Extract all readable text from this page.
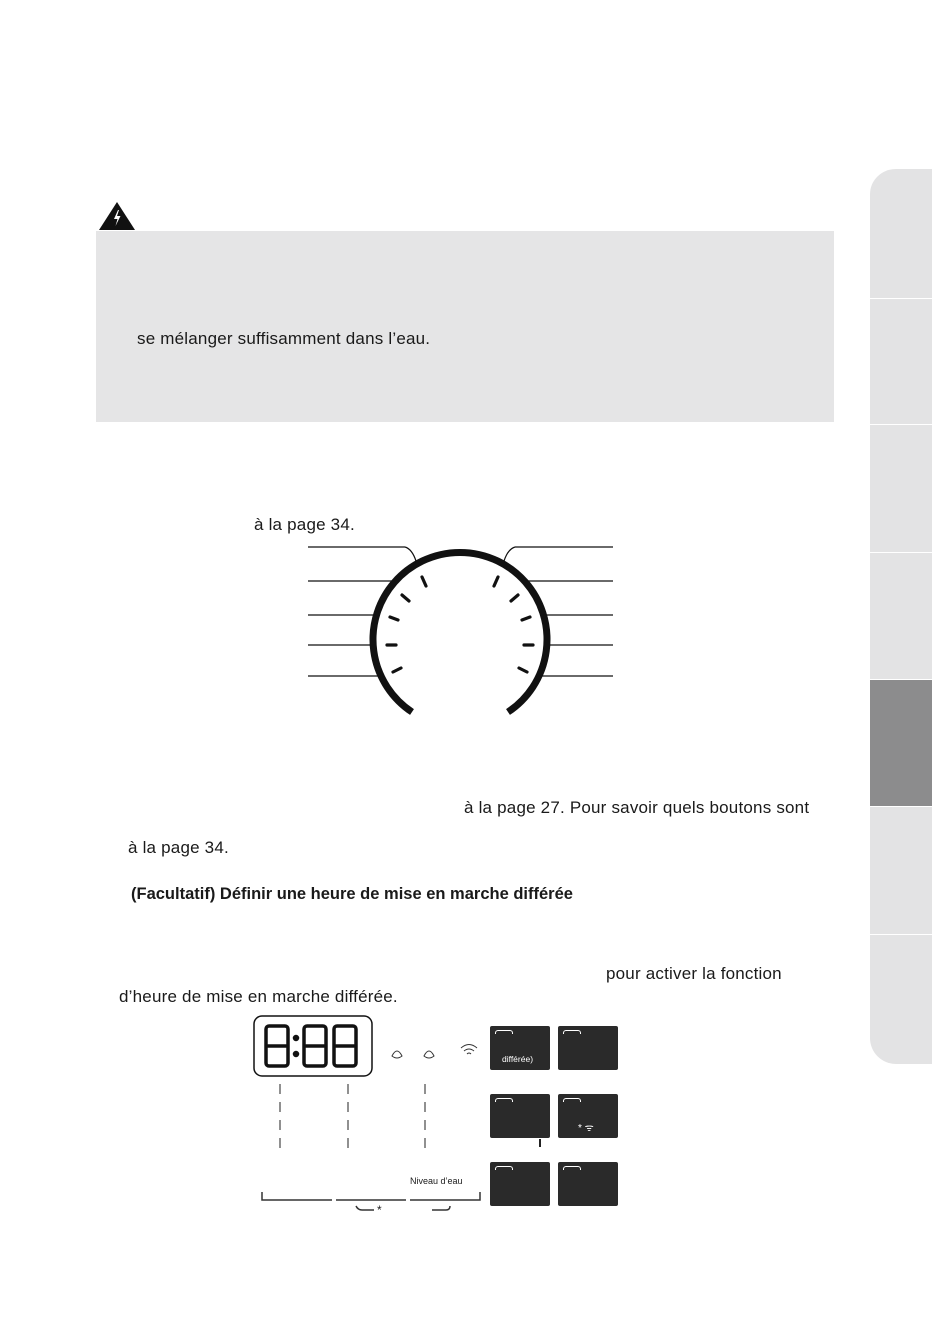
se mélanger suffisamment dans l’eau.
à la page 34.
à la page 27. Pour savoir quels boutons sont
à la page 34.
(Facultatif) Définir une heure de mise en marche différée
pour activer la fonction
d’heure de mise en marche différée.
Niveau d’eau
*
différée)
* ᯤ
